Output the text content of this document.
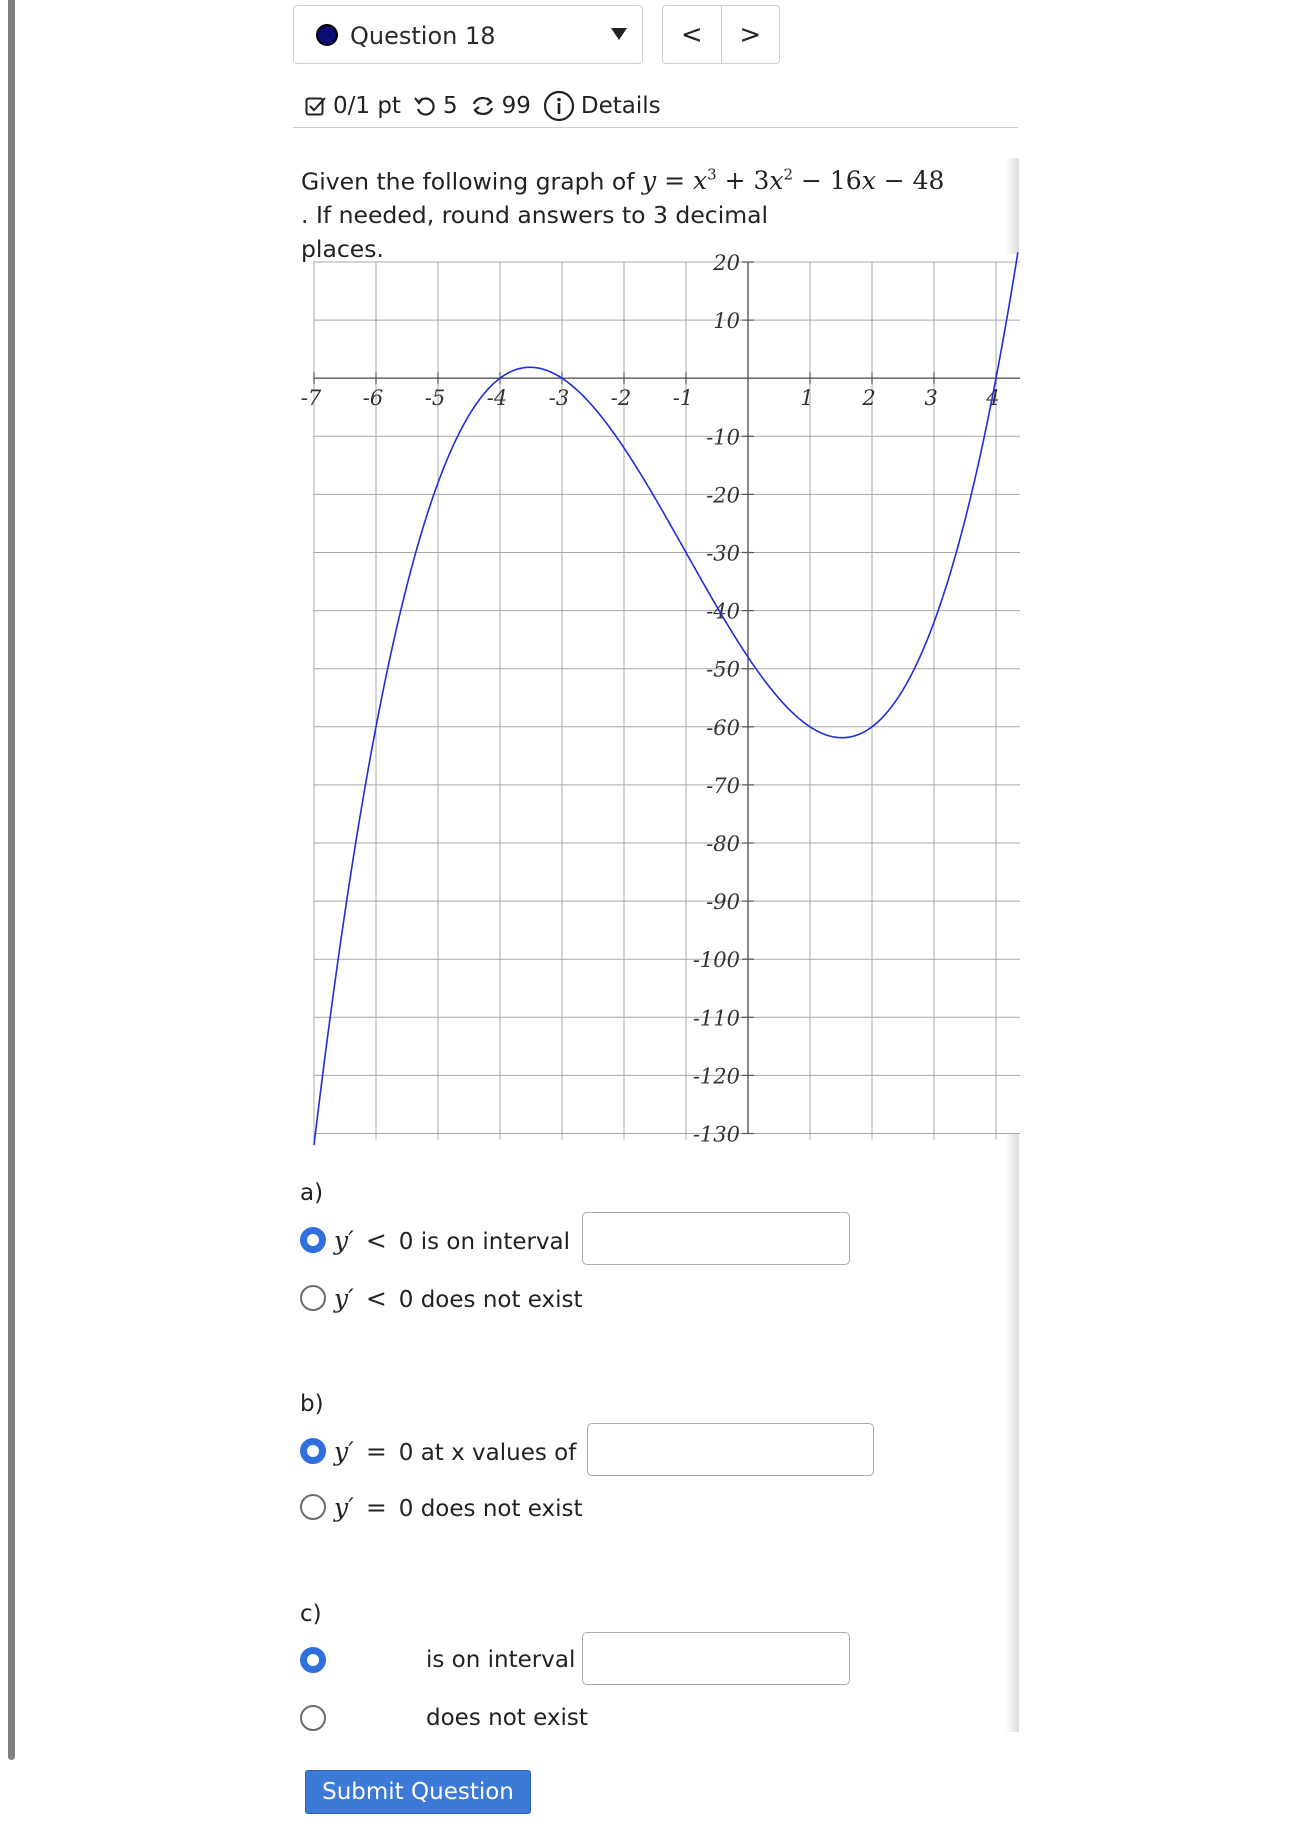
Question 18	<	>
0/1 pt 5 99 Details
Given the following graph of $y = x^3 + 3x^2 - 16x - 48$. If needed, round answers to 3 decimal places.
-7 -6 -5 -4 -3 -2 -1	1 2 3 4
20
10
-10
-20
-30
-40
-50
-60
-70
-80
-90
-100
-110
-120
-130
a)
y′ < 0 is on interval
y′ < 0 does not exist
b)
y′ = 0 at x values of
y′ = 0 does not exist
c)
is on interval
does not exist
Submit Question
